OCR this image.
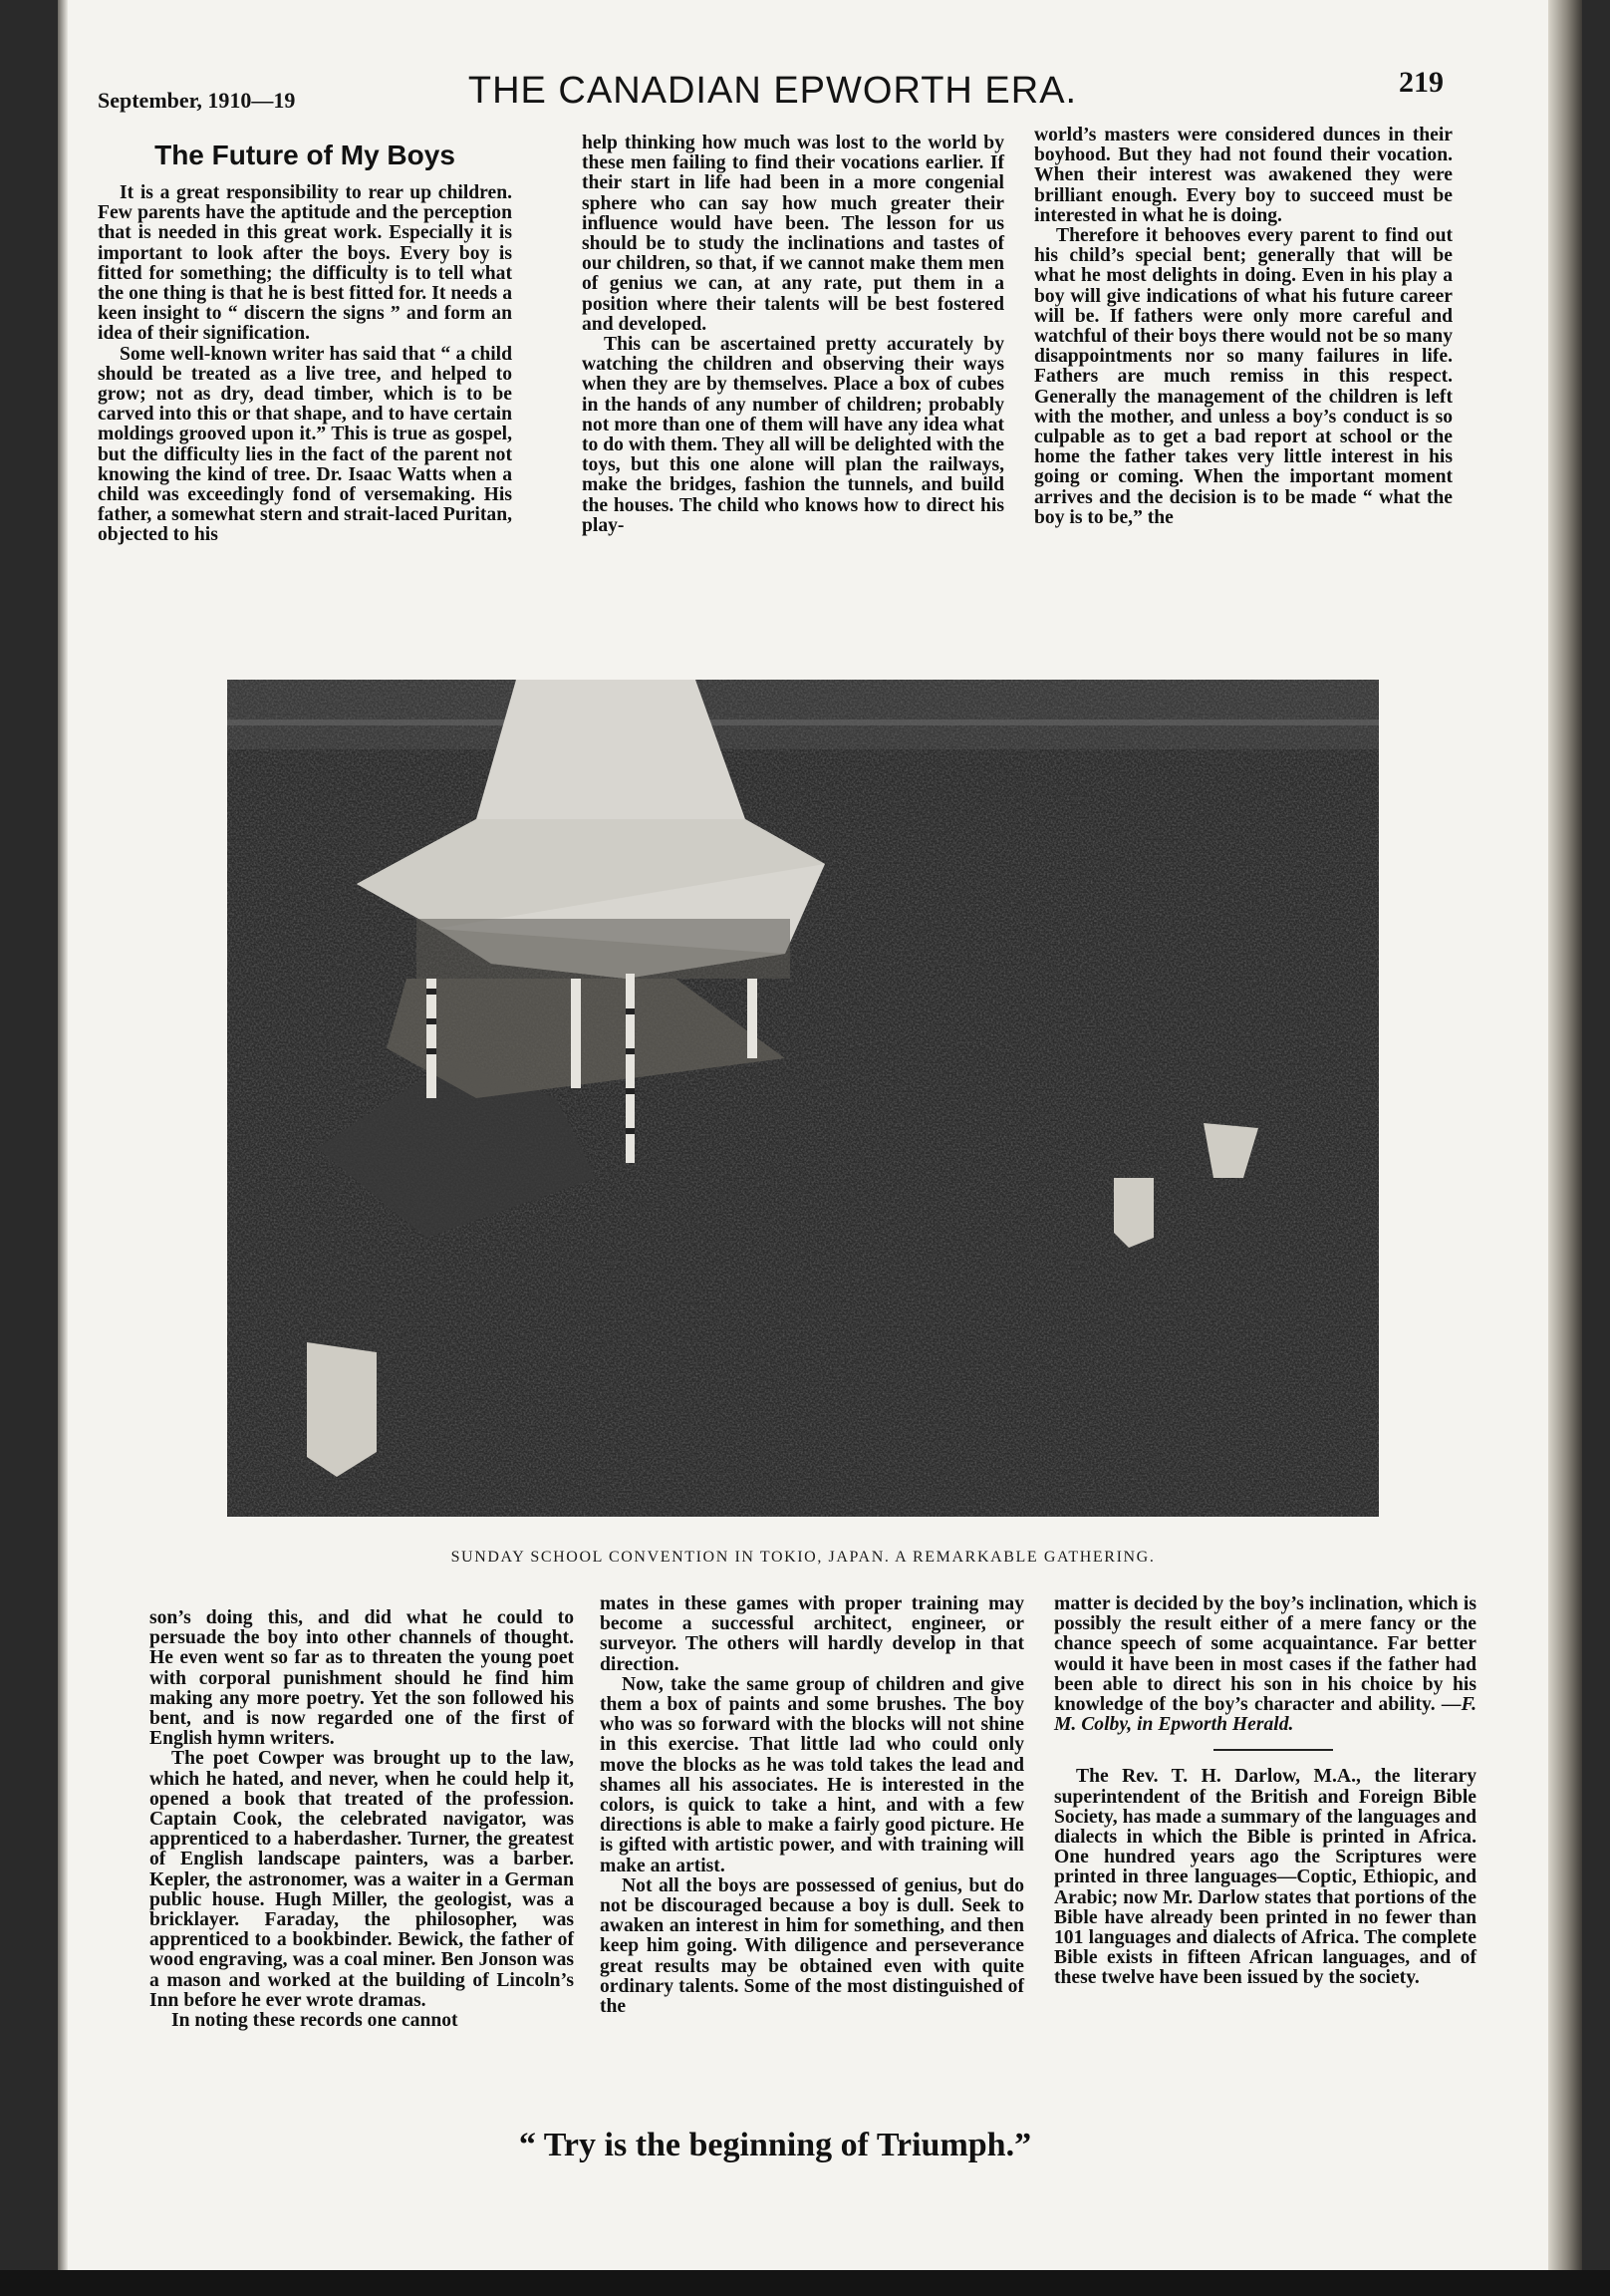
September, 1910—19	THE CANADIAN EPWORTH ERA.	219
The Future of My Boys

It is a great responsibility to rear up children. Few parents have the aptitude and the perception that is needed in this great work. Especially it is important to look after the boys. Every boy is fitted for something; the difficulty is to tell what the one thing is that he is best fitted for. It needs a keen insight to “ discern the signs ” and form an idea of their signification.

Some well-known writer has said that “ a child should be treated as a live tree, and helped to grow; not as dry, dead timber, which is to be carved into this or that shape, and to have certain moldings grooved upon it.” This is true as gospel, but the difficulty lies in the fact of the parent not knowing the kind of tree. Dr. Isaac Watts when a child was exceedingly fond of versemaking. His father, a somewhat stern and strait-laced Puritan, objected to his

help thinking how much was lost to the world by these men failing to find their vocations earlier. If their start in life had been in a more congenial sphere who can say how much greater their influence would have been. The lesson for us should be to study the inclinations and tastes of our children, so that, if we cannot make them men of genius we can, at any rate, put them in a position where their talents will be best fostered and developed.

This can be ascertained pretty accurately by watching the children and observing their ways when they are by themselves. Place a box of cubes in the hands of any number of children; probably not more than one of them will have any idea what to do with them. They all will be delighted with the toys, but this one alone will plan the railways, make the bridges, fashion the tunnels, and build the houses. The child who knows how to direct his play-

world’s masters were considered dunces in their boyhood. But they had not found their vocation. When their interest was awakened they were brilliant enough. Every boy to succeed must be interested in what he is doing.

Therefore it behooves every parent to find out his child’s special bent; generally that will be what he most delights in doing. Even in his play a boy will give indications of what his future career will be. If fathers were only more careful and watchful of their boys there would not be so many disappointments nor so many failures in life. Fathers are much remiss in this respect. Generally the management of the children is left with the mother, and unless a boy’s conduct is so culpable as to get a bad report at school or the home the father takes very little interest in his going or coming. When the important moment arrives and the decision is to be made “ what the boy is to be,” the

SUNDAY SCHOOL CONVENTION IN TOKIO, JAPAN. A REMARKABLE GATHERING.

son’s doing this, and did what he could to persuade the boy into other channels of thought. He even went so far as to threaten the young poet with corporal punishment should he find him making any more poetry. Yet the son followed his bent, and is now regarded one of the first of English hymn writers.

The poet Cowper was brought up to the law, which he hated, and never, when he could help it, opened a book that treated of the profession. Captain Cook, the celebrated navigator, was apprenticed to a haberdasher. Turner, the greatest of English landscape painters, was a barber. Kepler, the astronomer, was a waiter in a German public house. Hugh Miller, the geologist, was a bricklayer. Faraday, the philosopher, was apprenticed to a bookbinder. Bewick, the father of wood engraving, was a coal miner. Ben Jonson was a mason and worked at the building of Lincoln’s Inn before he ever wrote dramas.

In noting these records one cannot

mates in these games with proper training may become a successful architect, engineer, or surveyor. The others will hardly develop in that direction.

Now, take the same group of children and give them a box of paints and some brushes. The boy who was so forward with the blocks will not shine in this exercise. That little lad who could only move the blocks as he was told takes the lead and shames all his associates. He is interested in the colors, is quick to take a hint, and with a few directions is able to make a fairly good picture. He is gifted with artistic power, and with training will make an artist.

Not all the boys are possessed of genius, but do not be discouraged because a boy is dull. Seek to awaken an interest in him for something, and then keep him going. With diligence and perseverance great results may be obtained even with quite ordinary talents. Some of the most distinguished of the

matter is decided by the boy’s inclination, which is possibly the result either of a mere fancy or the chance speech of some acquaintance. Far better would it have been in most cases if the father had been able to direct his son in his choice by his knowledge of the boy’s character and ability. —F. M. Colby, in Epworth Herald.

The Rev. T. H. Darlow, M.A., the literary superintendent of the British and Foreign Bible Society, has made a summary of the languages and dialects in which the Bible is printed in Africa. One hundred years ago the Scriptures were printed in three languages—Coptic, Ethiopic, and Arabic; now Mr. Darlow states that portions of the Bible have already been printed in no fewer than 101 languages and dialects of Africa. The complete Bible exists in fifteen African languages, and of these twelve have been issued by the society.

“ Try is the beginning of Triumph.”
